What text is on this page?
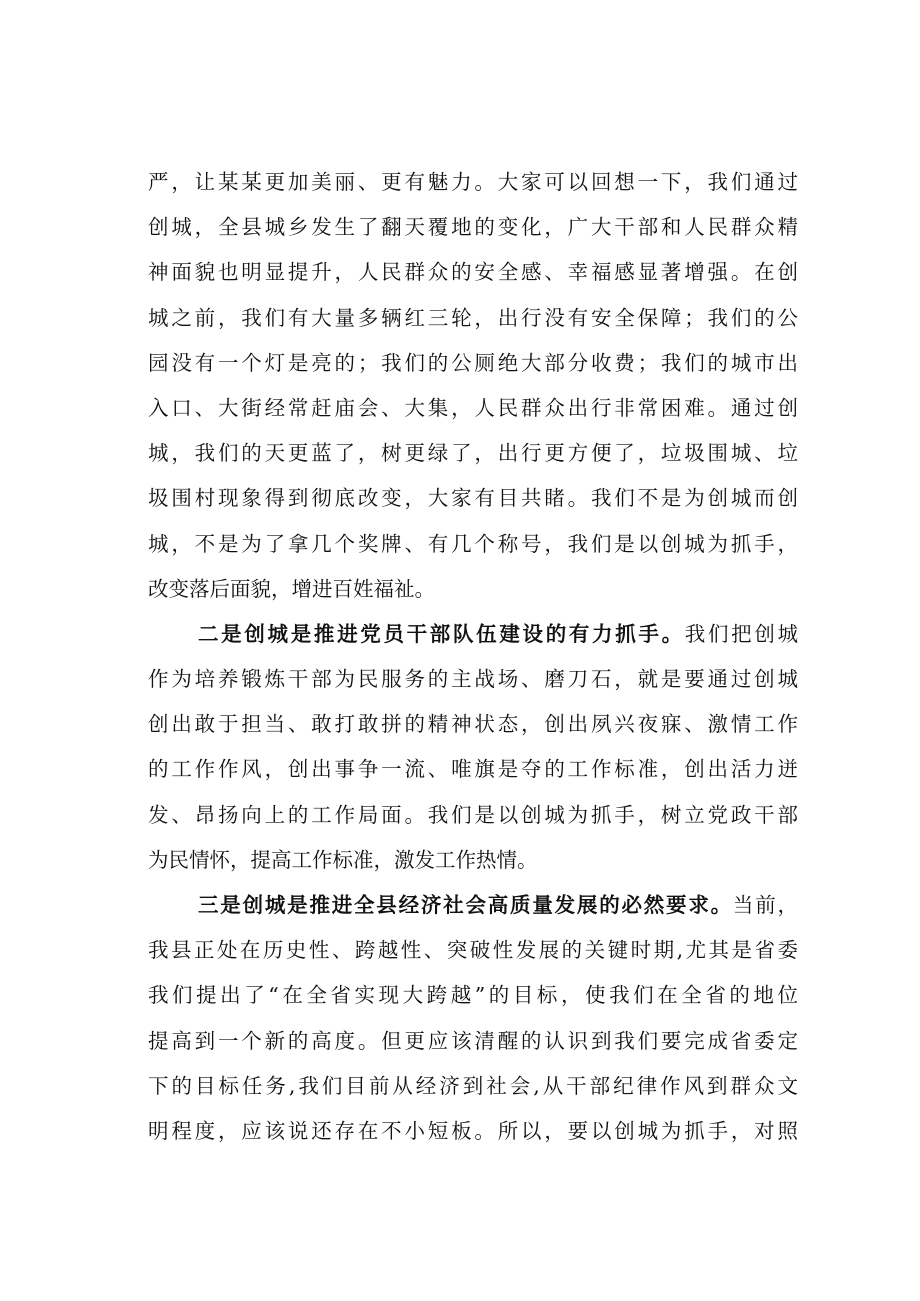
严，让某某更加美丽、更有魅力。大家可以回想一下，我们通过
创城，全县城乡发生了翻天覆地的变化，广大干部和人民群众精
神面貌也明显提升，人民群众的安全感、幸福感显著增强。在创
城之前，我们有大量多辆红三轮，出行没有安全保障；我们的公
园没有一个灯是亮的；我们的公厕绝大部分收费；我们的城市出
入口、大街经常赶庙会、大集，人民群众出行非常困难。通过创
城，我们的天更蓝了，树更绿了，出行更方便了，垃圾围城、垃
圾围村现象得到彻底改变，大家有目共睹。我们不是为创城而创
城，不是为了拿几个奖牌、有几个称号，我们是以创城为抓手，
改变落后面貌，增进百姓福祉。
二是创城是推进党员干部队伍建设的有力抓手。我们把创城
作为培养锻炼干部为民服务的主战场、磨刀石，就是要通过创城
创出敢于担当、敢打敢拼的精神状态，创出夙兴夜寐、激情工作
的工作作风，创出事争一流、唯旗是夺的工作标准，创出活力迸
发、昂扬向上的工作局面。我们是以创城为抓手，树立党政干部
为民情怀，提高工作标准，激发工作热情。
三是创城是推进全县经济社会高质量发展的必然要求。当前，
我县正处在历史性、跨越性、突破性发展的关键时期,尤其是省委
我们提出了“在全省实现大跨越”的目标，使我们在全省的地位
提高到一个新的高度。但更应该清醒的认识到我们要完成省委定
下的目标任务,我们目前从经济到社会,从干部纪律作风到群众文
明程度，应该说还存在不小短板。所以，要以创城为抓手，对照
